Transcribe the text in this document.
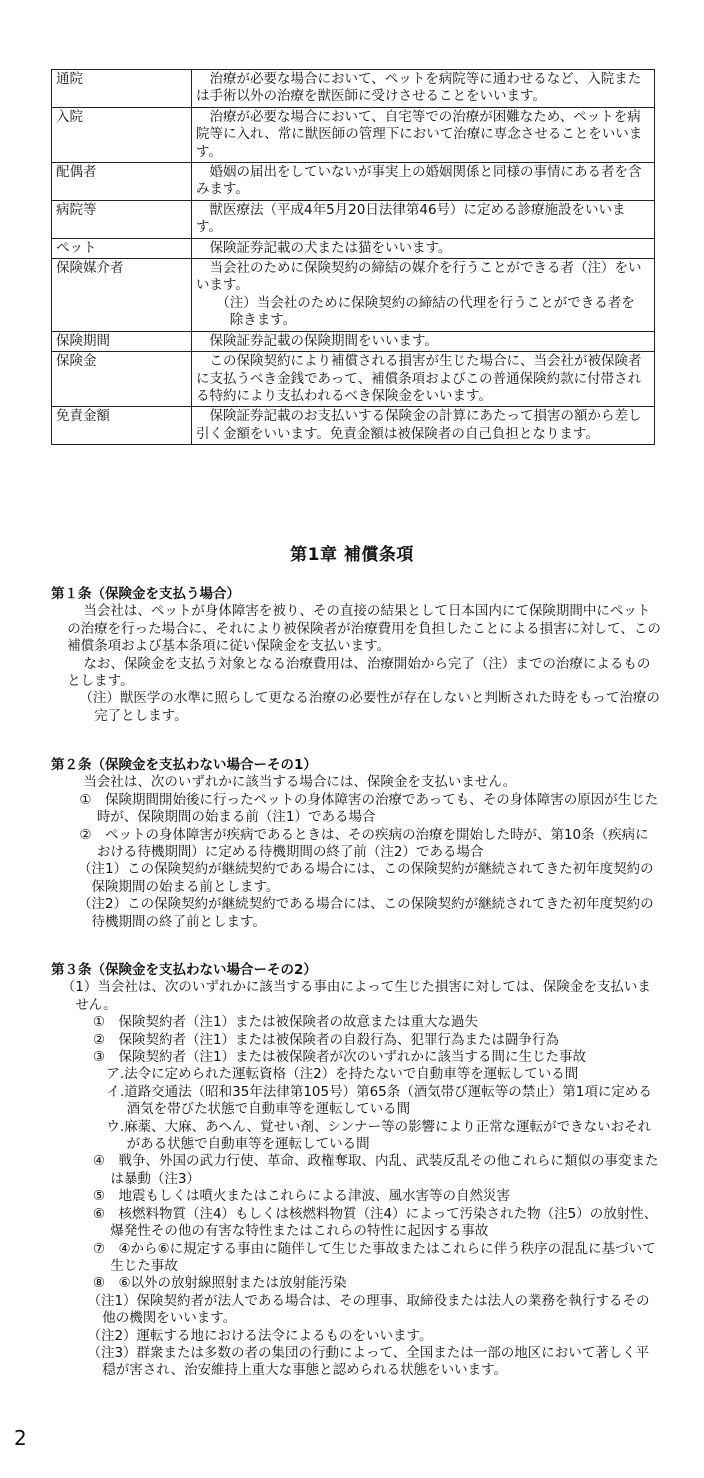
通院	治療が必要な場合において、ペットを病院等に通わせるなど、入院または手術以外の治療を獣医師に受けさせることをいいます。

入院	治療が必要な場合において、自宅等での治療が困難なため、ペットを病院等に入れ、常に獣医師の管理下において治療に専念させることをいいます。

配偶者	婚姻の届出をしていないが事実上の婚姻関係と同様の事情にある者を含みます。

病院等	獣医療法（平成4年5月20日法律第46号）に定める診療施設をいいます。

ペット	保険証券記載の犬または猫をいいます。

保険媒介者	当会社のために保険契約の締結の媒介を行うことができる者（注）をいいます。
（注）当会社のために保険契約の締結の代理を行うことができる者を除きます。

保険期間	保険証券記載の保険期間をいいます。

保険金	この保険契約により補償される損害が生じた場合に、当会社が被保険者に支払うべき金銭であって、補償条項およびこの普通保険約款に付帯される特約により支払われるべき保険金をいいます。

免責金額	保険証券記載のお支払いする保険金の計算にあたって損害の額から差し引く金額をいいます。免責金額は被保険者の自己負担となります。
第1章 補償条項
第１条（保険金を支払う場合）
当会社は、ペットが身体障害を被り、その直接の結果として日本国内にて保険期間中にペットの治療を行った場合に、それにより被保険者が治療費用を負担したことによる損害に対して、この補償条項および基本条項に従い保険金を支払います。
なお、保険金を支払う対象となる治療費用は、治療開始から完了（注）までの治療によるものとします。
（注）獣医学の水準に照らして更なる治療の必要性が存在しないと判断された時をもって治療の完了とします。
第２条（保険金を支払わない場合ーその1）
当会社は、次のいずれかに該当する場合には、保険金を支払いません。
①　保険期間開始後に行ったペットの身体障害の治療であっても、その身体障害の原因が生じた時が、保険期間の始まる前（注1）である場合
②　ペットの身体障害が疾病であるときは、その疾病の治療を開始した時が、第10条（疾病における待機期間）に定める待機期間の終了前（注2）である場合
（注1）この保険契約が継続契約である場合には、この保険契約が継続されてきた初年度契約の保険期間の始まる前とします。
（注2）この保険契約が継続契約である場合には、この保険契約が継続されてきた初年度契約の待機期間の終了前とします。
第３条（保険金を支払わない場合ーその2）
（1）当会社は、次のいずれかに該当する事由によって生じた損害に対しては、保険金を支払いません。
①　保険契約者（注1）または被保険者の故意または重大な過失
②　保険契約者（注1）または被保険者の自殺行為、犯罪行為または闘争行為
③　保険契約者（注1）または被保険者が次のいずれかに該当する間に生じた事故
ア.法令に定められた運転資格（注2）を持たないで自動車等を運転している間
イ.道路交通法（昭和35年法律第105号）第65条（酒気帯び運転等の禁止）第1項に定める酒気を帯びた状態で自動車等を運転している間
ウ.麻薬、大麻、あへん、覚せい剤、シンナー等の影響により正常な運転ができないおそれがある状態で自動車等を運転している間
④　戦争、外国の武力行使、革命、政権奪取、内乱、武装反乱その他これらに類似の事変または暴動（注3）
⑤　地震もしくは噴火またはこれらによる津波、風水害等の自然災害
⑥　核燃料物質（注4）もしくは核燃料物質（注4）によって汚染された物（注5）の放射性、爆発性その他の有害な特性またはこれらの特性に起因する事故
⑦　④から⑥に規定する事由に随伴して生じた事故またはこれらに伴う秩序の混乱に基づいて生じた事故
⑧　⑥以外の放射線照射または放射能汚染
（注1）保険契約者が法人である場合は、その理事、取締役または法人の業務を執行するその他の機関をいいます。
（注2）運転する地における法令によるものをいいます。
（注3）群衆または多数の者の集団の行動によって、全国または一部の地区において著しく平穏が害され、治安維持上重大な事態と認められる状態をいいます。
2
